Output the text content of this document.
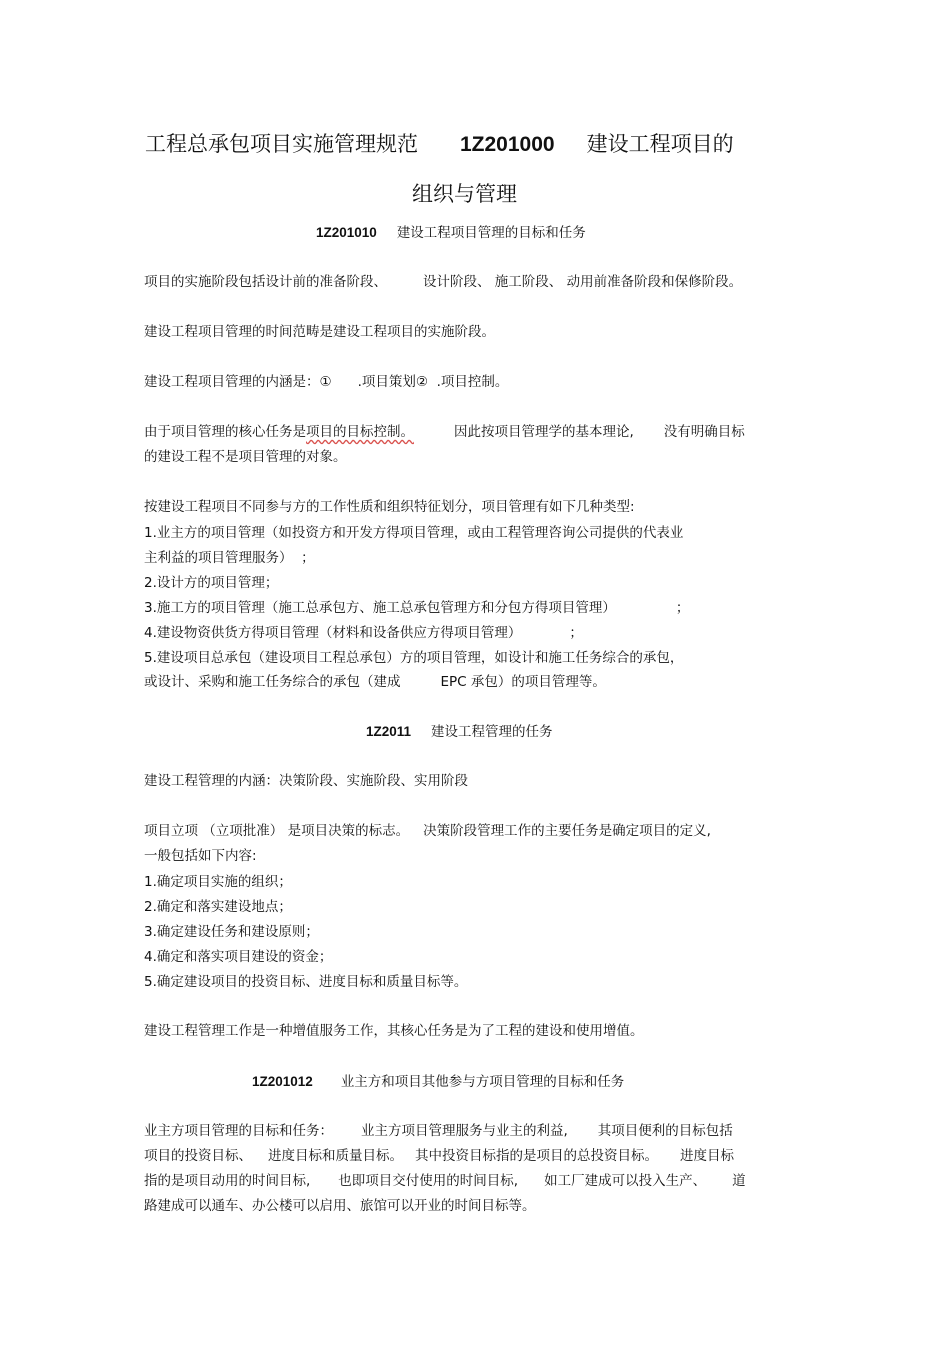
工程总承包项目实施管理规范 1Z201000 建设工程项目的
组织与管理
1Z201010 建设工程项目管理的目标和任务
项目的实施阶段包括设计前的准备阶段、	设计阶段、 施工阶段、 动用前准备阶段和保修阶段。
建设工程项目管理的时间范畴是建设工程项目的实施阶段。
建设工程项目管理的内涵是：① .项目策划②  .项目控制。
由于项目管理的核心任务是项目的目标控制。	因此按项目管理学的基本理论, 没有明确目标
的建设工程不是项目管理的对象。
按建设工程项目不同参与方的工作性质和组织特征划分，项目管理有如下几种类型:
1.业主方的项目管理（如投资方和开发方得项目管理，或由工程管理咨询公司提供的代表业
主利益的项目管理服务）  ；
2.设计方的项目管理；
3.施工方的项目管理（施工总承包方、施工总承包管理方和分包方得项目管理）	；
4.建设物资供货方得项目管理（材料和设备供应方得项目管理）	；
5.建设项目总承包（建设项目工程总承包）方的项目管理，如设计和施工任务综合的承包，
或设计、采购和施工任务综合的承包（建成	EPC 承包）的项目管理等。
1Z2011 建设工程管理的任务
建设工程管理的内涵：决策阶段、实施阶段、实用阶段
项目立项 （立项批准） 是项目决策的标志。 决策阶段管理工作的主要任务是确定项目的定义,
一般包括如下内容:
1.确定项目实施的组织；
2.确定和落实建设地点；
3.确定建设任务和建设原则；
4.确定和落实项目建设的资金；
5.确定建设项目的投资目标、进度目标和质量目标等。
建设工程管理工作是一种增值服务工作，其核心任务是为了工程的建设和使用增值。
1Z201012 业主方和项目其他参与方项目管理的目标和任务
业主方项目管理的目标和任务： 业主方项目管理服务与业主的利益, 其项目便利的目标包括
项目的投资目标、 进度目标和质量目标。 其中投资目标指的是项目的总投资目标。 进度目标
指的是项目动用的时间目标, 也即项目交付使用的时间目标, 如工厂建成可以投入生产、 道
路建成可以通车、办公楼可以启用、旅馆可以开业的时间目标等。
